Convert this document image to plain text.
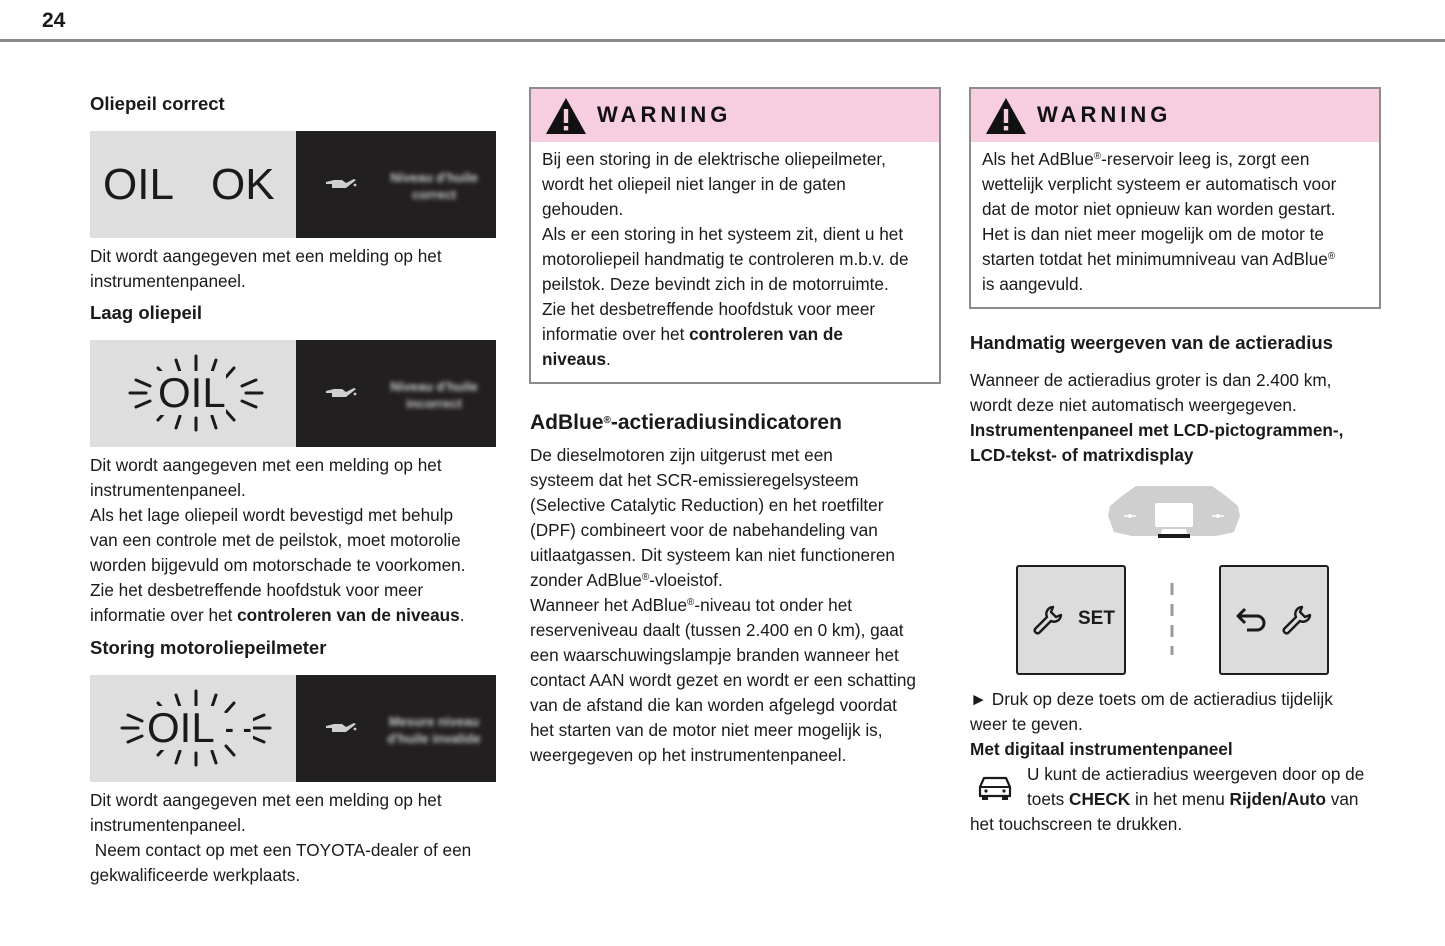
24
Oliepeil correct
OIL OK	Niveau d'huile correct
Dit wordt aangegeven met een melding op het
instrumentenpaneel.
Laag oliepeil
OIL	Niveau d'huile incorrect
Dit wordt aangegeven met een melding op het
instrumentenpaneel.
Als het lage oliepeil wordt bevestigd met behulp
van een controle met de peilstok, moet motorolie
worden bijgevuld om motorschade te voorkomen.
Zie het desbetreffende hoofdstuk voor meer
informatie over het controleren van de niveaus.
Storing motoroliepeilmeter
OIL - -	Mesure niveau d'huile invalide
Dit wordt aangegeven met een melding op het
instrumentenpaneel.
Neem contact op met een TOYOTA-dealer of een
gekwalificeerde werkplaats.
WARNING
Bij een storing in de elektrische oliepeilmeter,
wordt het oliepeil niet langer in de gaten
gehouden.
Als er een storing in het systeem zit, dient u het
motoroliepeil handmatig te controleren m.b.v. de
peilstok. Deze bevindt zich in de motorruimte.
Zie het desbetreffende hoofdstuk voor meer
informatie over het controleren van de
niveaus.
AdBlue®-actieradiusindicatoren
De dieselmotoren zijn uitgerust met een
systeem dat het SCR-emissieregelsysteem
(Selective Catalytic Reduction) en het roetfilter
(DPF) combineert voor de nabehandeling van
uitlaatgassen. Dit systeem kan niet functioneren
zonder AdBlue®-vloeistof.
Wanneer het AdBlue®-niveau tot onder het
reserveniveau daalt (tussen 2.400 en 0 km), gaat
een waarschuwingslampje branden wanneer het
contact AAN wordt gezet en wordt er een schatting
van de afstand die kan worden afgelegd voordat
het starten van de motor niet meer mogelijk is,
weergegeven op het instrumentenpaneel.
WARNING
Als het AdBlue®-reservoir leeg is, zorgt een
wettelijk verplicht systeem er automatisch voor
dat de motor niet opnieuw kan worden gestart.
Het is dan niet meer mogelijk om de motor te
starten totdat het minimumniveau van AdBlue®
is aangevuld.
Handmatig weergeven van de actieradius
Wanneer de actieradius groter is dan 2.400 km,
wordt deze niet automatisch weergegeven.
Instrumentenpaneel met LCD-pictogrammen-,
LCD-tekst- of matrixdisplay
SET
► Druk op deze toets om de actieradius tijdelijk
weer te geven.
Met digitaal instrumentenpaneel
U kunt de actieradius weergeven door op de
toets CHECK in het menu Rijden/Auto van
het touchscreen te drukken.
